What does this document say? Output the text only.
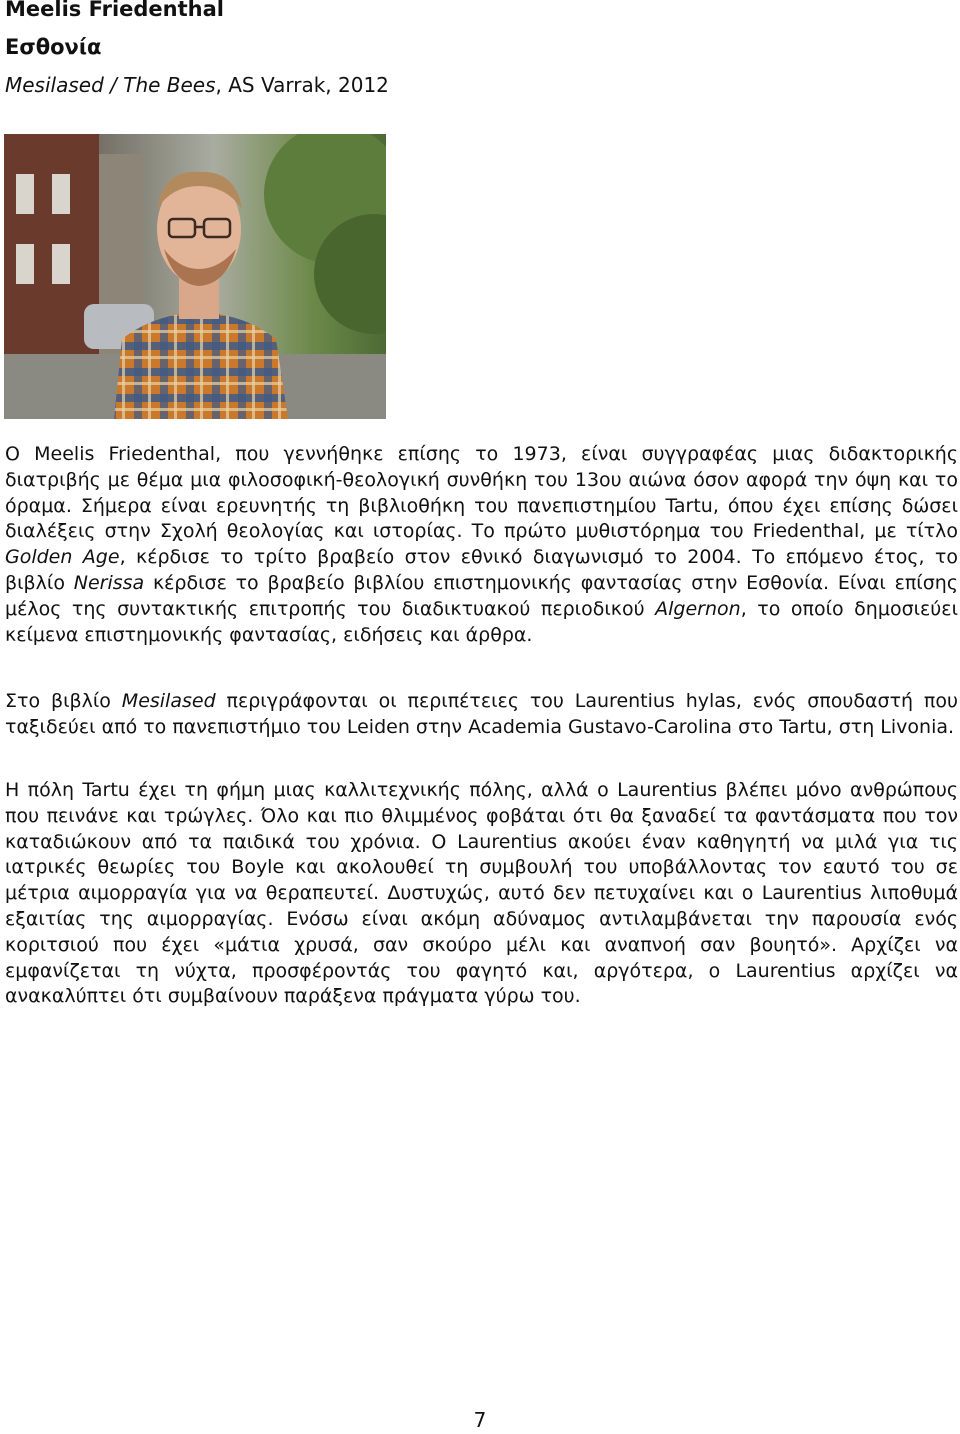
Meelis Friedenthal

Εσθονία

Mesilased / The Bees, AS Varrak, 2012

Ο Meelis Friedenthal, που γεννήθηκε επίσης το 1973, είναι συγγραφέας μιας διδακτορικής διατριβής με θέμα μια φιλοσοφική-θεολογική συνθήκη του 13ου αιώνα όσον αφορά την όψη και το όραμα. Σήμερα είναι ερευνητής τη βιβλιοθήκη του πανεπιστημίου Tartu, όπου έχει επίσης δώσει διαλέξεις στην Σχολή θεολογίας και ιστορίας. Το πρώτο μυθιστόρημα του Friedenthal, με τίτλο Golden Age, κέρδισε το τρίτο βραβείο στον εθνικό διαγωνισμό το 2004. Το επόμενο έτος, το βιβλίο Nerissa κέρδισε το βραβείο βιβλίου επιστημονικής φαντασίας στην Εσθονία. Είναι επίσης μέλος της συντακτικής επιτροπής του διαδικτυακού περιοδικού Algernon, το οποίο δημοσιεύει κείμενα επιστημονικής φαντασίας, ειδήσεις και άρθρα.

Στο βιβλίο Mesilased περιγράφονται οι περιπέτειες του Laurentius hylas, ενός σπουδαστή που ταξιδεύει από το πανεπιστήμιο του Leiden στην Academia Gustavo-Carolina στο Tartu, στη Livonia.

Η πόλη Tartu έχει τη φήμη μιας καλλιτεχνικής πόλης, αλλά ο Laurentius βλέπει μόνο ανθρώπους που πεινάνε και τρώγλες. Όλο και πιο θλιμμένος φοβάται ότι θα ξαναδεί τα φαντάσματα που τον καταδιώκουν από τα παιδικά του χρόνια. Ο Laurentius ακούει έναν καθηγητή να μιλά για τις ιατρικές θεωρίες του Boyle και ακολουθεί τη συμβουλή του υποβάλλοντας τον εαυτό του σε μέτρια αιμορραγία για να θεραπευτεί. Δυστυχώς, αυτό δεν πετυχαίνει και ο Laurentius λιποθυμά εξαιτίας της αιμορραγίας. Ενόσω είναι ακόμη αδύναμος αντιλαμβάνεται την παρουσία ενός κοριτσιού που έχει «μάτια χρυσά, σαν σκούρο μέλι και αναπνοή σαν βουητό». Αρχίζει να εμφανίζεται τη νύχτα, προσφέροντάς του φαγητό και, αργότερα, ο Laurentius αρχίζει να ανακαλύπτει ότι συμβαίνουν παράξενα πράγματα γύρω του.

7
